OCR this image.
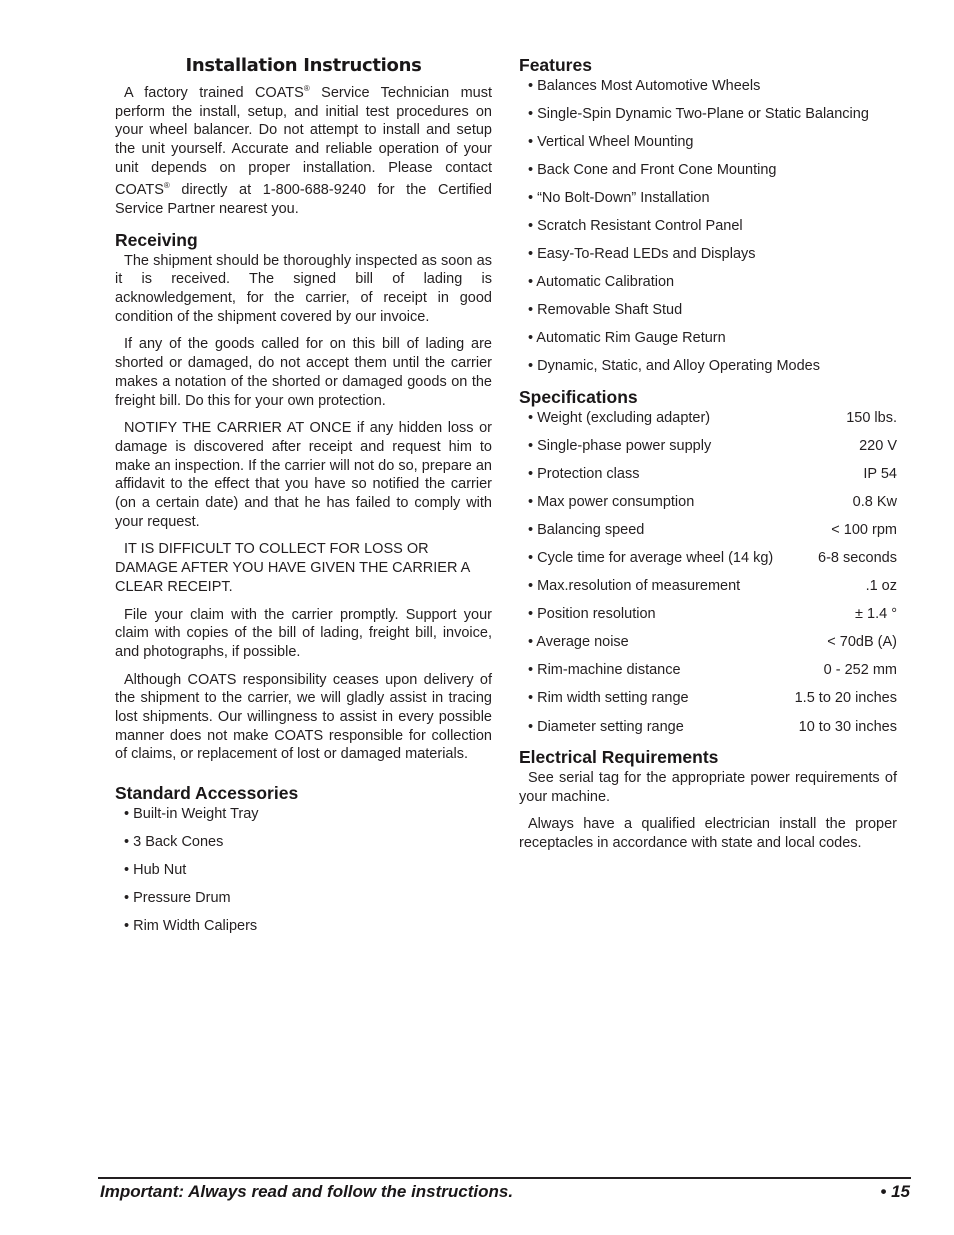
Installation Instructions

A factory trained COATS® Service Technician must perform the install, setup, and initial test procedures on your wheel balancer. Do not attempt to install and setup the unit yourself. Accurate and reliable operation of your unit depends on proper installation. Please contact COATS® directly at 1-800-688-9240 for the Certified Service Partner nearest you.

Receiving

The shipment should be thoroughly inspected as soon as it is received. The signed bill of lading is acknowledgement, for the carrier, of receipt in good condition of the shipment covered by our invoice.

If any of the goods called for on this bill of lading are shorted or damaged, do not accept them until the carrier makes a notation of the shorted or damaged goods on the freight bill. Do this for your own protection.

NOTIFY THE CARRIER AT ONCE if any hidden loss or damage is discovered after receipt and request him to make an inspection. If the carrier will not do so, prepare an affidavit to the effect that you have so notified the carrier (on a certain date) and that he has failed to comply with your request.

IT IS DIFFICULT TO COLLECT FOR LOSS OR DAMAGE AFTER YOU HAVE GIVEN THE CARRIER A CLEAR RECEIPT.

File your claim with the carrier promptly. Support your claim with copies of the bill of lading, freight bill, invoice, and photographs, if possible.

Although COATS responsibility ceases upon delivery of the shipment to the carrier, we will gladly assist in tracing lost shipments. Our willingness to assist in every possible manner does not make COATS responsible for collection of claims, or replacement of lost or damaged materials.

Standard Accessories
• Built-in Weight Tray
• 3 Back Cones
• Hub Nut
• Pressure Drum
• Rim Width Calipers
Features
• Balances Most Automotive Wheels
• Single-Spin Dynamic Two-Plane or Static Balancing
• Vertical Wheel Mounting
• Back Cone and Front Cone Mounting
• “No Bolt-Down” Installation
• Scratch Resistant Control Panel
• Easy-To-Read LEDs and Displays
• Automatic Calibration
• Removable Shaft Stud
• Automatic Rim Gauge Return
• Dynamic, Static, and Alloy Operating Modes
Specifications
• Weight (excluding adapter)	150 lbs.
• Single-phase power supply	220 V
• Protection class	IP 54
• Max power consumption	0.8 Kw
• Balancing speed	< 100 rpm
• Cycle time for average wheel (14 kg)	6-8 seconds
• Max.resolution of measurement	.1 oz
• Position resolution	± 1.4 °
• Average noise	< 70dB (A)
• Rim-machine distance	0 - 252 mm
• Rim width setting range	1.5 to 20 inches
• Diameter setting range	10 to 30 inches
Electrical Requirements

See serial tag for the appropriate power requirements of your machine.

Always have a qualified electrician install the proper receptacles in accordance with state and local codes.

Important: Always read and follow the instructions.	• 15
